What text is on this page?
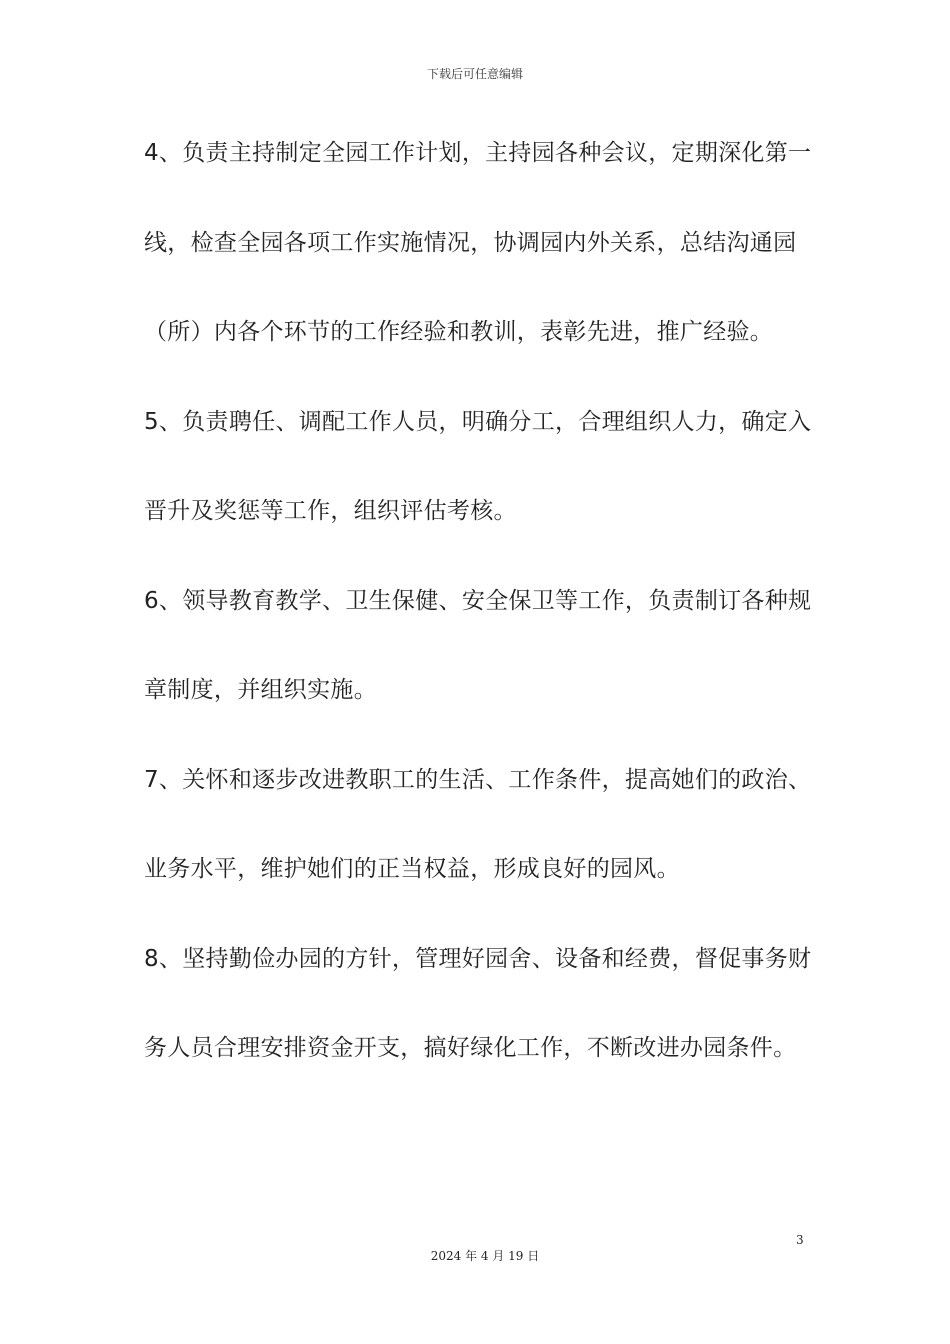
下载后可任意编辑
4、负责主持制定全园工作计划，主持园各种会议，定期深化第一
线，检查全园各项工作实施情况，协调园内外关系，总结沟通园
（所）内各个环节的工作经验和教训，表彰先进，推广经验。
5、负责聘任、调配工作人员，明确分工，合理组织人力，确定入
晋升及奖惩等工作，组织评估考核。
6、领导教育教学、卫生保健、安全保卫等工作，负责制订各种规
章制度，并组织实施。
7、关怀和逐步改进教职工的生活、工作条件，提高她们的政治、
业务水平，维护她们的正当权益，形成良好的园风。
8、坚持勤俭办园的方针，管理好园舍、设备和经费，督促事务财
务人员合理安排资金开支，搞好绿化工作，不断改进办园条件。
3
2024 年 4 月 19 日
